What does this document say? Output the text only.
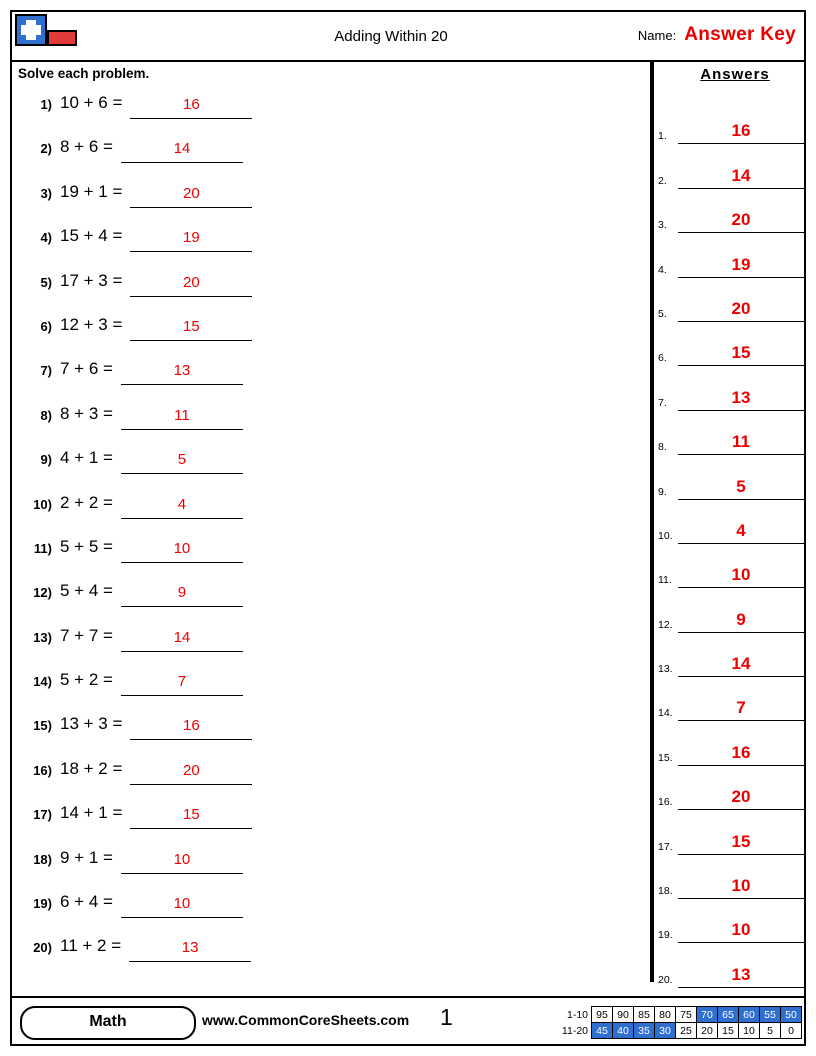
Adding Within 20	Name: Answer Key
Solve each problem.
1) 10 + 6 =	16
2) 8 + 6 =	14
3) 19 + 1 =	20
4) 15 + 4 =	19
5) 17 + 3 =	20
6) 12 + 3 =	15
7) 7 + 6 =	13
8) 8 + 3 =	11
9) 4 + 1 =	5
10) 2 + 2 =	4
11) 5 + 5 =	10
12) 5 + 4 =	9
13) 7 + 7 =	14
14) 5 + 2 =	7
15) 13 + 3 =	16
16) 18 + 2 =	20
17) 14 + 1 =	15
18) 9 + 1 =	10
19) 6 + 4 =	10
20) 11 + 2 =	13
Answers
1.	16
2.	14
3.	20
4.	19
5.	20
6.	15
7.	13
8.	11
9.	5
10.	4
11.	10
12.	9
13.	14
14.	7
15.	16
16.	20
17.	15
18.	10
19.	10
20.	13
Math	www.CommonCoreSheets.com 1	1-10	95	90	85	80	75	70	65	60	55	50
11-20	45	40	35	30	25	20	15	10	5	0
